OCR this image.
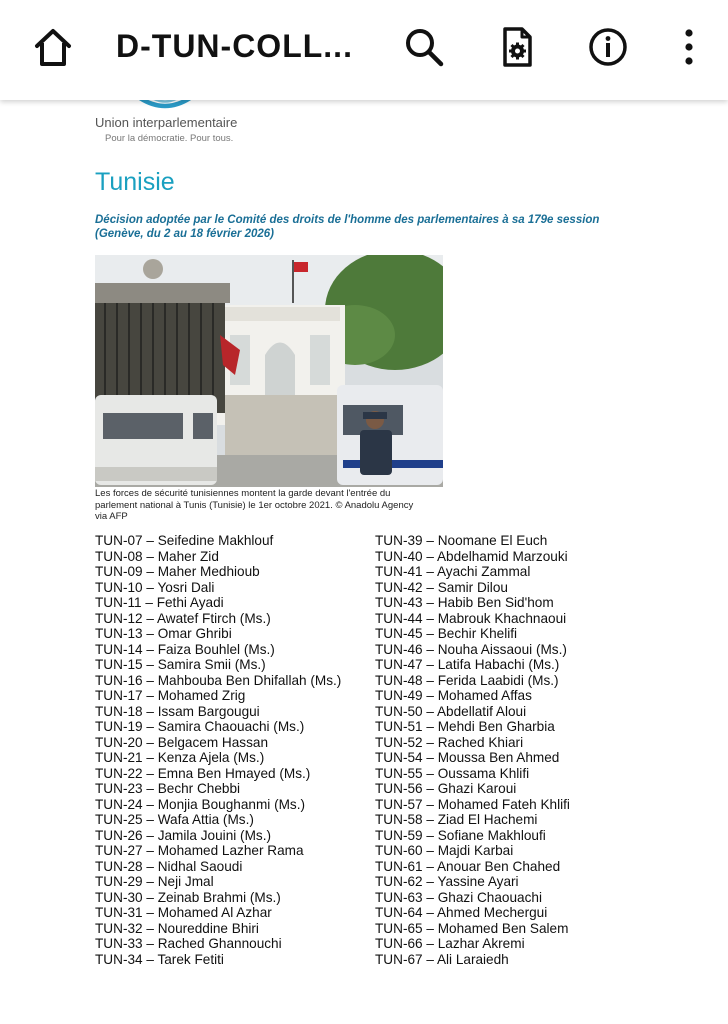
D-TUN-COLL...
Union interparlementaire
Pour la démocratie. Pour tous.
Tunisie
Décision adoptée par le Comité des droits de l'homme des parlementaires à sa 179e session
(Genève, du 2 au 18 février 2026)
Les forces de sécurité tunisiennes montent la garde devant l'entrée du
parlement national à Tunis (Tunisie) le 1er octobre 2021. © Anadolu Agency
via AFP
TUN-07 – Seifedine Makhlouf
TUN-08 – Maher Zid
TUN-09 – Maher Medhioub
TUN-10 – Yosri Dali
TUN-11 – Fethi Ayadi
TUN-12 – Awatef Ftirch (Ms.)
TUN-13 – Omar Ghribi
TUN-14 – Faiza Bouhlel (Ms.)
TUN-15 – Samira Smii (Ms.)
TUN-16 – Mahbouba Ben Dhifallah (Ms.)
TUN-17 – Mohamed Zrig
TUN-18 – Issam Bargougui
TUN-19 – Samira Chaouachi (Ms.)
TUN-20 – Belgacem Hassan
TUN-21 – Kenza Ajela (Ms.)
TUN-22 – Emna Ben Hmayed (Ms.)
TUN-23 – Bechr Chebbi
TUN-24 – Monjia Boughanmi (Ms.)
TUN-25 – Wafa Attia (Ms.)
TUN-26 – Jamila Jouini (Ms.)
TUN-27 – Mohamed Lazher Rama
TUN-28 – Nidhal Saoudi
TUN-29 – Neji Jmal
TUN-30 – Zeinab Brahmi (Ms.)
TUN-31 – Mohamed Al Azhar
TUN-32 – Noureddine Bhiri
TUN-33 – Rached Ghannouchi
TUN-34 – Tarek Fetiti
TUN-39 – Noomane El Euch
TUN-40 – Abdelhamid Marzouki
TUN-41 – Ayachi Zammal
TUN-42 – Samir Dilou
TUN-43 – Habib Ben Sid'hom
TUN-44 – Mabrouk Khachnaoui
TUN-45 – Bechir Khelifi
TUN-46 – Nouha Aissaoui (Ms.)
TUN-47 – Latifa Habachi (Ms.)
TUN-48 – Ferida Laabidi (Ms.)
TUN-49 – Mohamed Affas
TUN-50 – Abdellatif Aloui
TUN-51 – Mehdi Ben Gharbia
TUN-52 – Rached Khiari
TUN-54 – Moussa Ben Ahmed
TUN-55 – Oussama Khlifi
TUN-56 – Ghazi Karoui
TUN-57 – Mohamed Fateh Khlifi
TUN-58 – Ziad El Hachemi
TUN-59 – Sofiane Makhloufi
TUN-60 – Majdi Karbai
TUN-61 – Anouar Ben Chahed
TUN-62 – Yassine Ayari
TUN-63 – Ghazi Chaouachi
TUN-64 – Ahmed Mechergui
TUN-65 – Mohamed Ben Salem
TUN-66 – Lazhar Akremi
TUN-67 – Ali Laraiedh
